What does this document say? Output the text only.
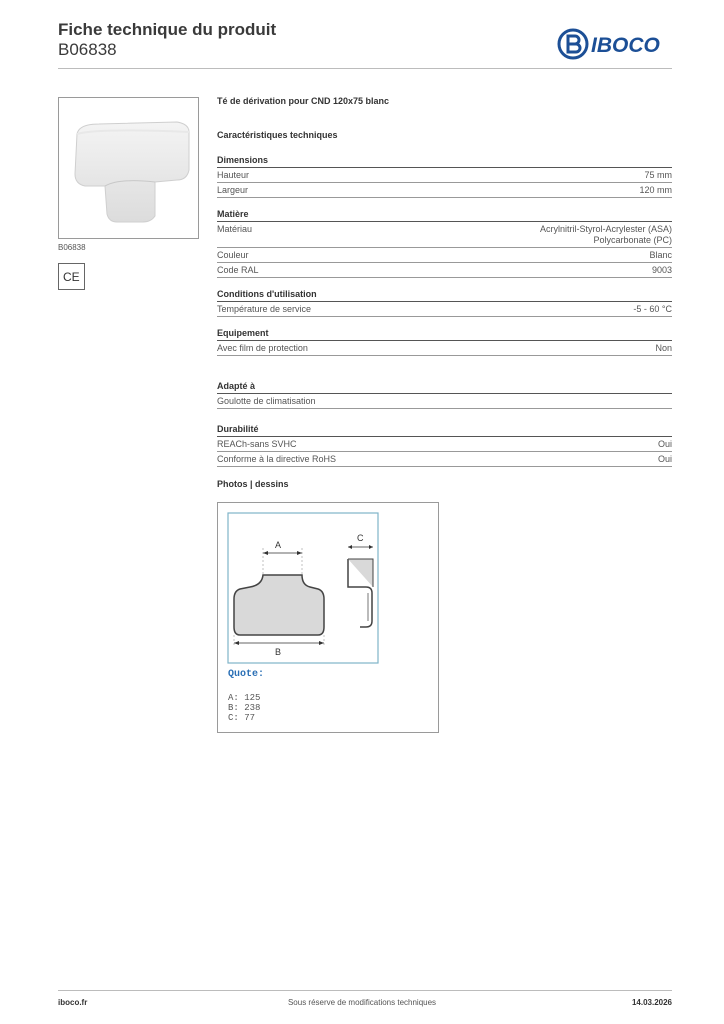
Fiche technique du produit
B06838	IBOCO
B06838
CE
Té de dérivation pour CND 120x75 blanc
Caractéristiques techniques
Dimensions
Hauteur	75 mm
Largeur	120 mm
Matière
Matériau	Acrylnitril-Styrol-Acrylester (ASA)
Polycarbonate (PC)
Couleur	Blanc
Code RAL	9003
Conditions d'utilisation
Température de service	-5 - 60 °C
Equipement
Avec film de protection	Non
Adapté à
Goulotte de climatisation
Durabilité
REACh-sans SVHC	Oui
Conforme à la directive RoHS	Oui
Photos | dessins
A
B
C
Quote:
A: 125
B: 238
C: 77
iboco.fr	Sous réserve de modifications techniques	14.03.2026
